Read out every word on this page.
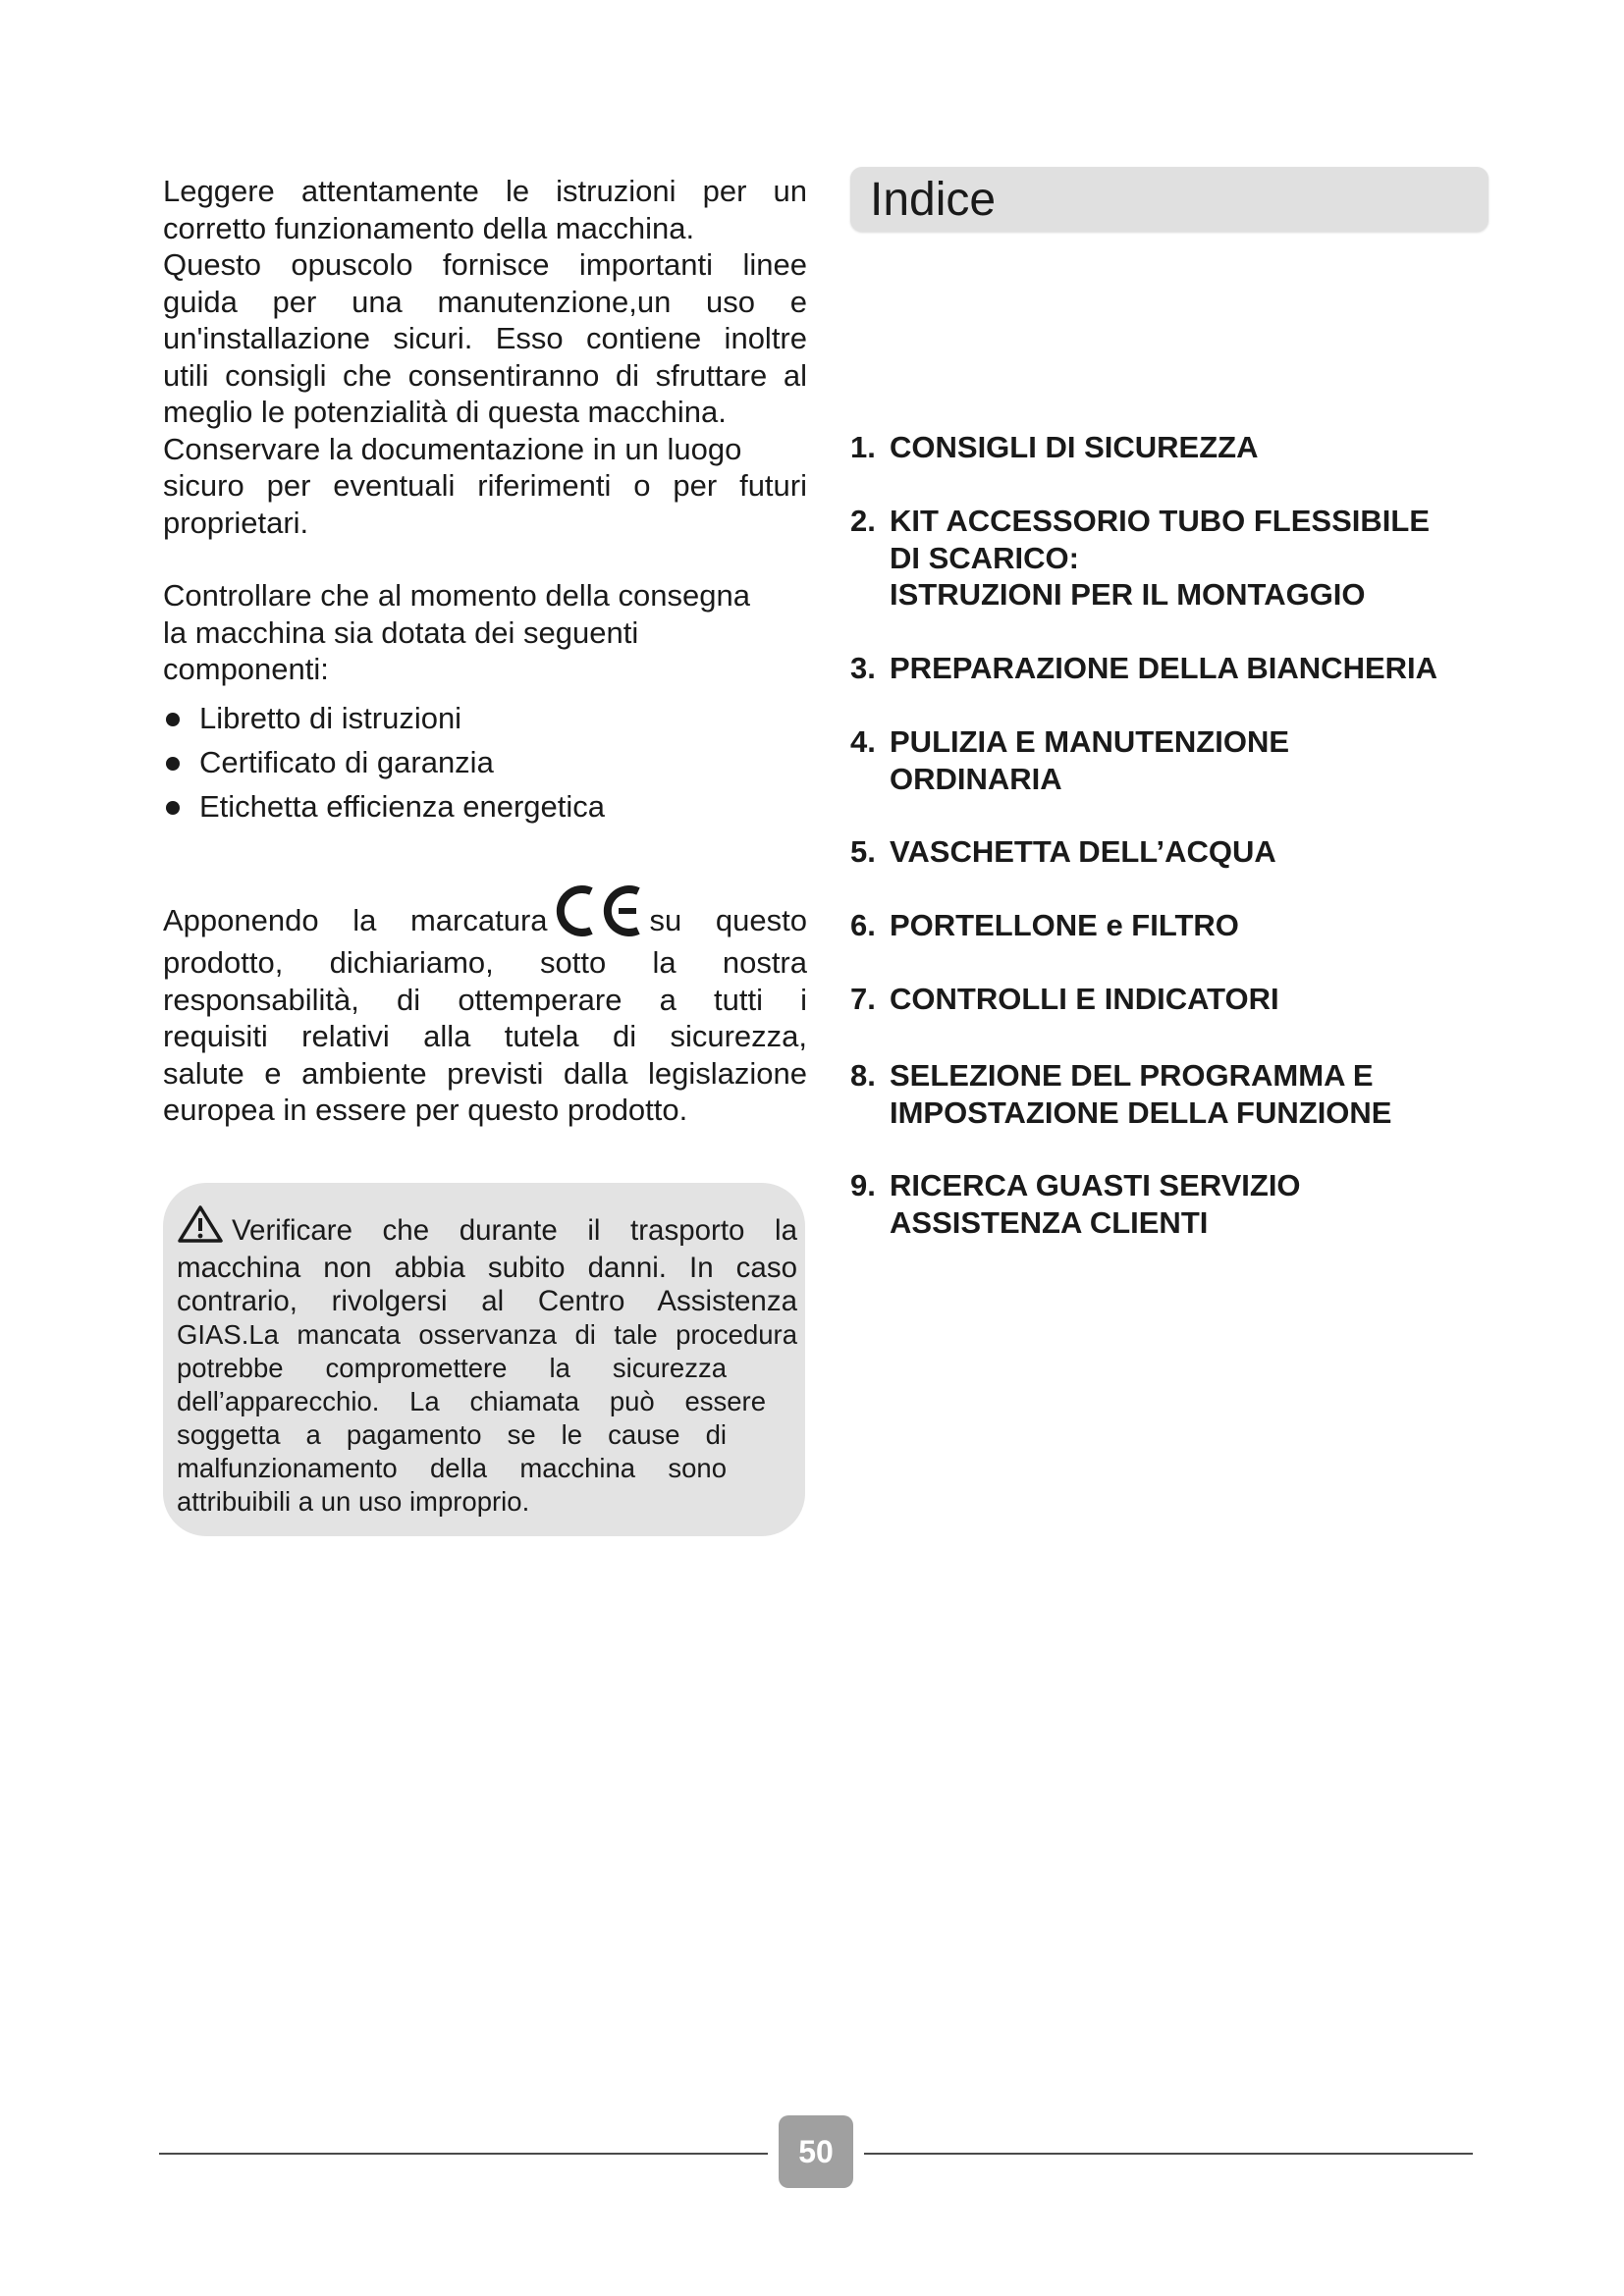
Leggere attentamente le istruzioni per un
corretto funzionamento della macchina.
Questo opuscolo fornisce importanti linee
guida per una manutenzione,un uso e
un'installazione sicuri. Esso contiene inoltre
utili consigli che consentiranno di sfruttare al
meglio le potenzialità di questa macchina.
Conservare la documentazione in un luogo
sicuro per eventuali riferimenti o per futuri
proprietari.

Controllare che al momento della consegna
la macchina sia dotata dei seguenti
componenti:

Libretto di istruzioni
Certificato di garanzia
Etichetta efficienza energetica

Apponendo la marcatura	su questo
prodotto, dichiariamo, sotto la nostra
responsabilità, di ottemperare a tutti i
requisiti relativi alla tutela di sicurezza,
salute e ambiente previsti dalla legislazione
europea in essere per questo prodotto.

Verificare che durante il trasporto la
macchina non abbia subito danni. In caso
contrario, rivolgersi al Centro Assistenza
GIAS.La mancata osservanza di tale procedura
potrebbe compromettere la sicurezza
dell’apparecchio. La chiamata può essere
soggetta a pagamento se le cause di
malfunzionamento della macchina sono
attribuibili a un uso improprio.
Indice
1. CONSIGLI DI SICUREZZA
2. KIT ACCESSORIO TUBO FLESSIBILE
DI SCARICO:
ISTRUZIONI PER IL MONTAGGIO
3. PREPARAZIONE DELLA BIANCHERIA
4. PULIZIA E MANUTENZIONE
ORDINARIA
5. VASCHETTA DELL’ACQUA
6. PORTELLONE e FILTRO
7. CONTROLLI E INDICATORI
8. SELEZIONE DEL PROGRAMMA E
IMPOSTAZIONE DELLA FUNZIONE
9. RICERCA GUASTI SERVIZIO
ASSISTENZA CLIENTI
50
